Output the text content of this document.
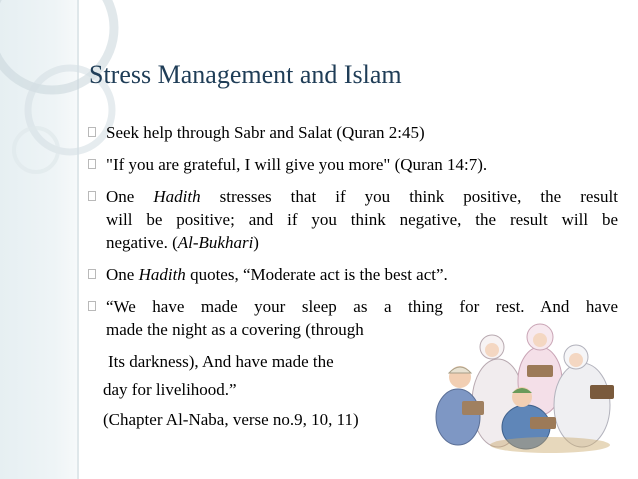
Stress Management and Islam
Seek help through Sabr and Salat (Quran 2:45)
"If you are grateful, I will give you more" (Quran 14:7).
One Hadith stresses that if you think positive, the result
will be positive; and if you think negative, the result will be
negative. (Al-Bukhari)
One Hadith quotes, “Moderate act is the best act”.
“We have made your sleep as a thing for rest. And have
made the night as a covering (through
Its darkness), And have made the
day for livelihood.”
(Chapter Al-Naba, verse no.9, 10, 11)
